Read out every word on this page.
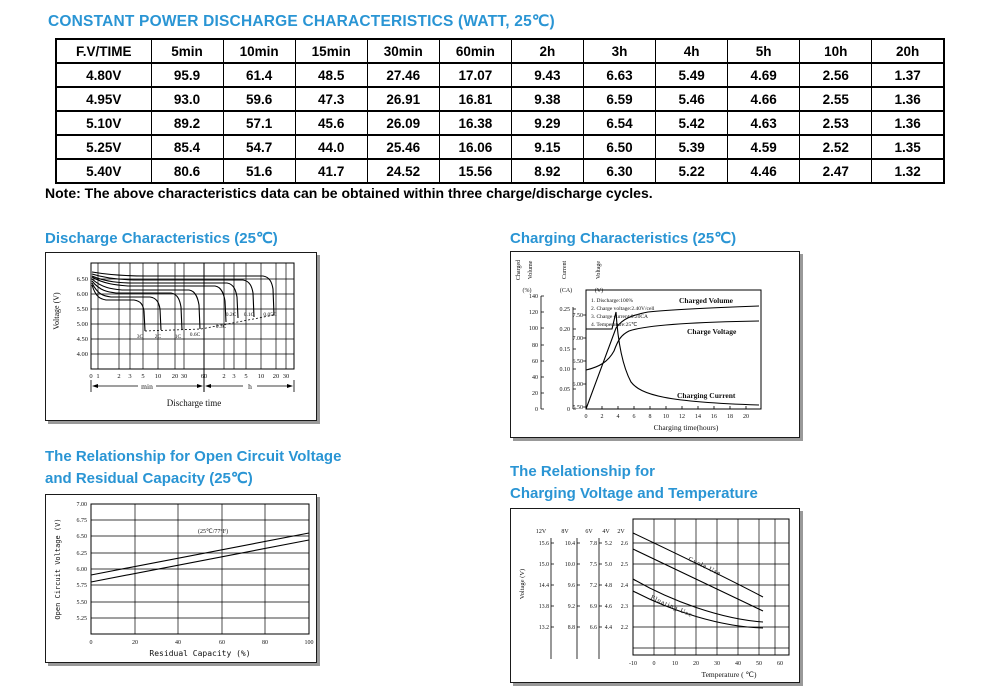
CONSTANT POWER DISCHARGE CHARACTERISTICS (WATT, 25℃)
F.V/TIME	5min	10min	15min	30min	60min	2h	3h	4h	5h	10h	20h
4.80V	95.9	61.4	48.5	27.46	17.07	9.43	6.63	5.49	4.69	2.56	1.37
4.95V	93.0	59.6	47.3	26.91	16.81	9.38	6.59	5.46	4.66	2.55	1.36
5.10V	89.2	57.1	45.6	26.09	16.38	9.29	6.54	5.42	4.63	2.53	1.36
5.25V	85.4	54.7	44.0	25.46	16.06	9.15	6.50	5.39	4.59	2.52	1.35
5.40V	80.6	51.6	41.7	24.52	15.56	8.92	6.30	5.22	4.46	2.47	1.32
Note: The above characteristics data can be obtained within three charge/discharge cycles.
Discharge Characteristics (25℃)	Charging Characteristics (25℃)
The Relationship for Open Circuit Voltage
and Residual Capacity (25℃)	The Relationship for
Charging Voltage and Temperature
Voltage (V)
6.50
6.00
5.50
5.00
4.50
4.00
3C 2C 1C 0.6C
0.3C
0.2C 0.1C 0.05C
0 1	2 3 5 10 20 30 60 2 3 5 10 20 30
min	h
Discharge time
Charged Volume	Current	Voltage
(%)	(CA)	(V)
140
120
100
80
60
40
20
0
0.25
0.20
0.15
0.10
0.05
0
7.50
7.00
6.50
6.00
5.50
1. Discharge:100%
2. Charge voltage:2.40V/cell
3. Charge current:0.20CA
4. Temperature:25℃
Charged Volume
Charge Voltage
Charging Current
0 2 4 6 8 10 12 14 16 18 20
Charging time(hours)
Open Circuit Voltage (V)
7.00
6.75
6.50
6.25
6.00
5.75
5.50
5.25
(25℃/77°F)
0	20	40	60	80	100
Residual Capacity (%)
Voltage (V)
12V	8V	6V 4V 2V
15.6
15.0
14.4
13.8
13.2
10.4
10.0
9.6
9.2
8.8
7.8
7.5
7.2
6.9
6.6
5.2
5.0
4.8
4.6
4.4
2.6
2.5
2.4
2.3
2.2
Cycle Use
Floating Use
-10	0	10	20	30	40	50	60
Temperature ( ℃)
